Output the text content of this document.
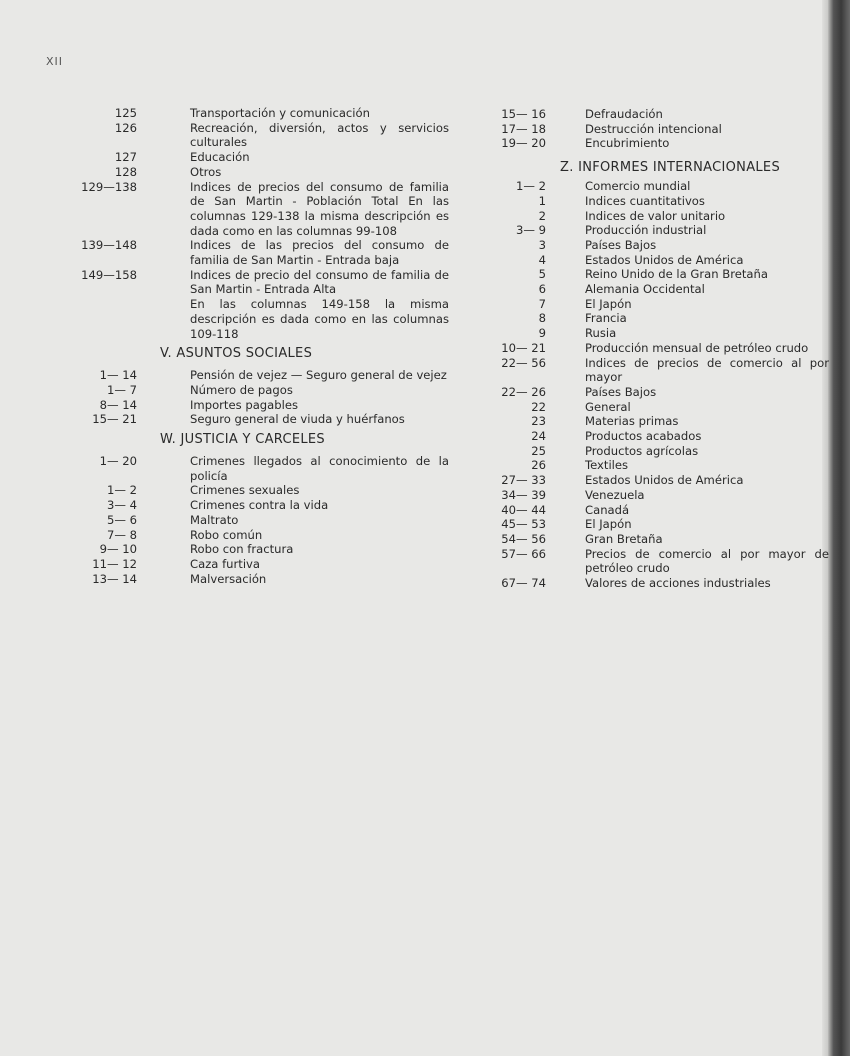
XII
125	Transportación y comunicación
126	Recreación, diversión, actos y servicios culturales
127	Educación
128	Otros
129—138	Indices de precios del consumo de familia de San Martin - Población Total En las columnas 129-138 la misma descripción es dada como en las columnas 99-108
139—148	Indices de las precios del consumo de familia de San Martin - Entrada baja
149—158	Indices de precio del consumo de familia de San Martin - Entrada Alta
En las columnas 149-158 la misma descripción es dada como en las columnas 109-118
V. ASUNTOS SOCIALES
1— 14	Pensión de vejez — Seguro general de vejez
1— 7	Número de pagos
8— 14	Importes pagables
15— 21	Seguro general de viuda y huérfanos
W. JUSTICIA Y CARCELES
1— 20	Crimenes llegados al conocimiento de la policía
1— 2	Crimenes sexuales
3— 4	Crimenes contra la vida
5— 6	Maltrato
7— 8	Robo común
9— 10	Robo con fractura
11— 12	Caza furtiva
13— 14	Malversación
15— 16	Defraudación
17— 18	Destrucción intencional
19— 20	Encubrimiento
Z. INFORMES INTERNACIONALES
1— 2	Comercio mundial
1	Indices cuantitativos
2	Indices de valor unitario
3— 9	Producción industrial
3	Países Bajos
4	Estados Unidos de América
5	Reino Unido de la Gran Bretaña
6	Alemania Occidental
7	El Japón
8	Francia
9	Rusia
10— 21	Producción mensual de petróleo crudo
22— 56	Indices de precios de comercio al por mayor
22— 26	Países Bajos
22	General
23	Materias primas
24	Productos acabados
25	Productos agrícolas
26	Textiles
27— 33	Estados Unidos de América
34— 39	Venezuela
40— 44	Canadá
45— 53	El Japón
54— 56	Gran Bretaña
57— 66	Precios de comercio al por mayor de petróleo crudo
67— 74	Valores de acciones industriales
